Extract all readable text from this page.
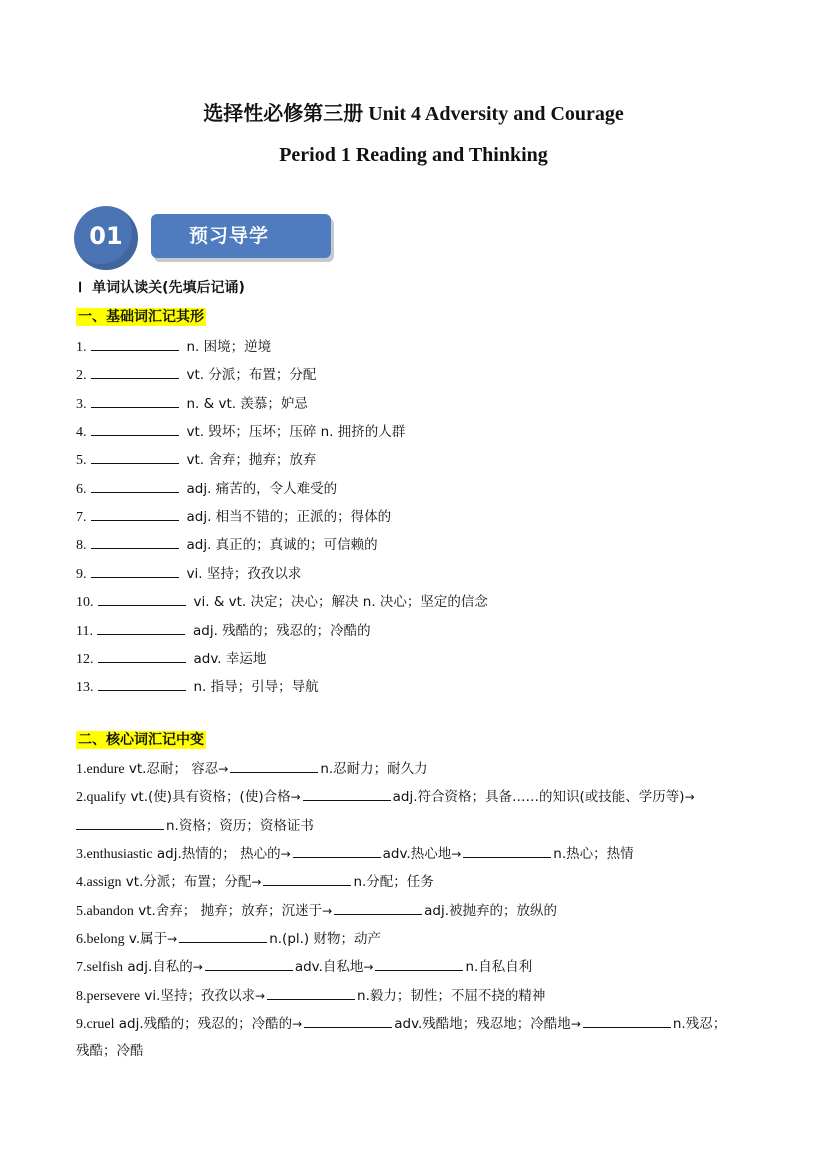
选择性必修第三册 Unit 4 Adversity and Courage
Period 1 Reading and Thinking
01	预习导学
Ⅰ 单词认读关(先填后记诵)
一、基础词汇记其形
1.	n. 困境；逆境
2.	vt. 分派；布置；分配
3.	n. & vt. 羡慕；妒忌
4.	vt. 毁坏；压坏；压碎 n. 拥挤的人群
5.	vt. 舍弃；抛弃；放弃
6.	adj. 痛苦的，令人难受的
7.	adj. 相当不错的；正派的；得体的
8.	adj. 真正的；真诚的；可信赖的
9.	vi. 坚持；孜孜以求
10.	vi. & vt. 决定；决心；解决 n. 决心；坚定的信念
11.	adj. 残酷的；残忍的；冷酷的
12.	adv. 幸运地
13.	n. 指导；引导；导航
二、核心词汇记中变
1.endure vt.忍耐； 容忍→	n.忍耐力；耐久力
2.qualify vt.(使)具有资格；(使)合格→	adj.符合资格；具备……的知识(或技能、学历等)→
n.资格；资历；资格证书
3.enthusiastic adj.热情的； 热心的→	adv.热心地→	n.热心；热情
4.assign vt.分派；布置；分配→	n.分配；任务
5.abandon vt.舍弃； 抛弃；放弃；沉迷于→	adj.被抛弃的；放纵的
6.belong v.属于→	n.(pl.) 财物；动产
7.selfish adj.自私的→	adv.自私地→	n.自私自利
8.persevere vi.坚持；孜孜以求→	n.毅力；韧性；不屈不挠的精神
9.cruel adj.残酷的；残忍的；冷酷的→	adv.残酷地；残忍地；冷酷地→	n.残忍；
残酷；冷酷
